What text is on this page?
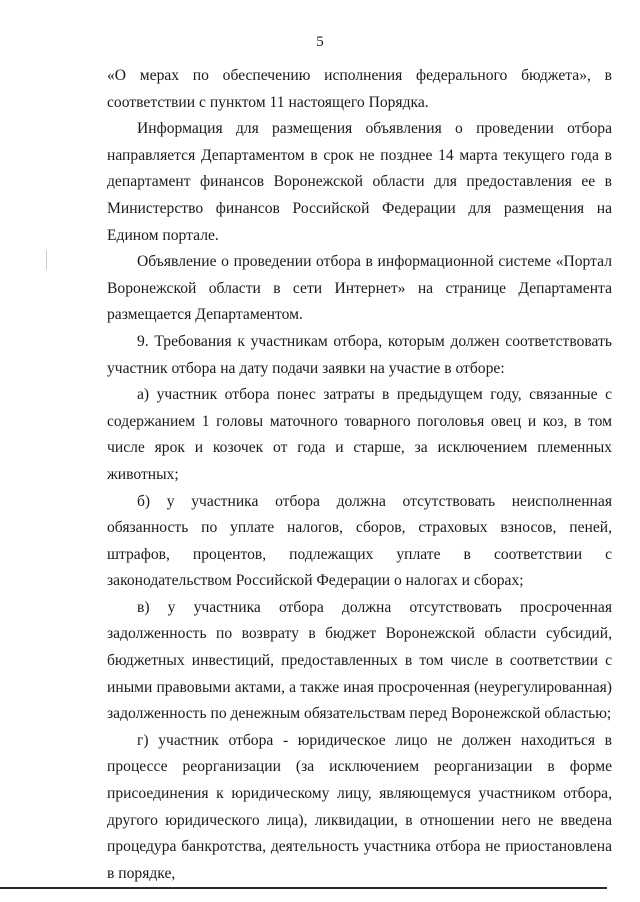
5

«О мерах по обеспечению исполнения федерального бюджета», в соответствии с пунктом 11 настоящего Порядка.

Информация для размещения объявления о проведении отбора направляется Департаментом в срок не позднее 14 марта текущего года в департамент финансов Воронежской области для предоставления ее в Министерство финансов Российской Федерации для размещения на Едином портале.

Объявление о проведении отбора в информационной системе «Портал Воронежской области в сети Интернет» на странице Департамента размещается Департаментом.

9. Требования к участникам отбора, которым должен соответствовать участник отбора на дату подачи заявки на участие в отборе:

а) участник отбора понес затраты в предыдущем году, связанные с содержанием 1 головы маточного товарного поголовья овец и коз, в том числе ярок и козочек от года и старше, за исключением племенных животных;

б) у участника отбора должна отсутствовать неисполненная обязанность по уплате налогов, сборов, страховых взносов, пеней, штрафов, процентов, подлежащих уплате в соответствии с законодательством Российской Федерации о налогах и сборах;

в) у участника отбора должна отсутствовать просроченная задолженность по возврату в бюджет Воронежской области субсидий, бюджетных инвестиций, предоставленных в том числе в соответствии с иными правовыми актами, а также иная просроченная (неурегулированная) задолженность по денежным обязательствам перед Воронежской областью;

г) участник отбора - юридическое лицо не должен находиться в процессе реорганизации (за исключением реорганизации в форме присоединения к юридическому лицу, являющемуся участником отбора, другого юридического лица), ликвидации, в отношении него не введена процедура банкротства, деятельность участника отбора не приостановлена в порядке,
